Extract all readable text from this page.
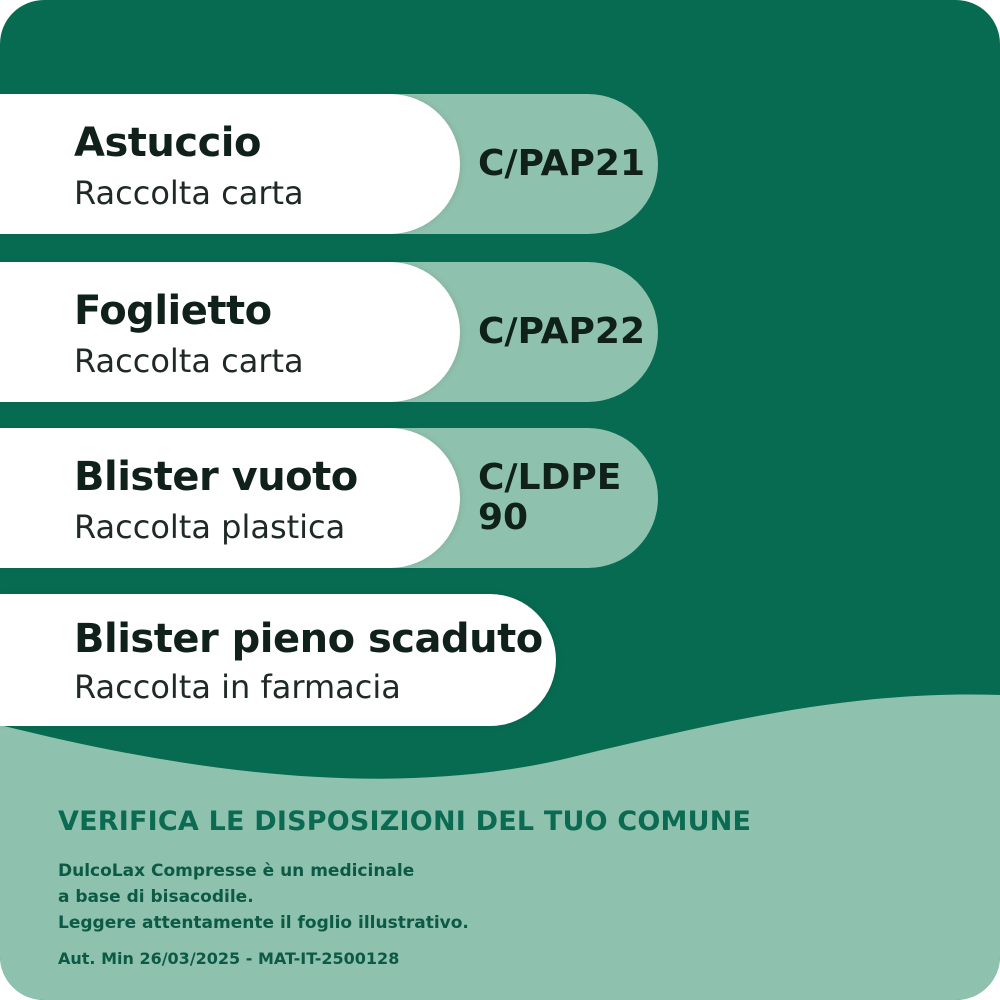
C/PAP21
Astuccio
Raccolta carta
C/PAP22
Foglietto
Raccolta carta
C/LDPE
90
Blister vuoto
Raccolta plastica
Blister pieno scaduto
Raccolta in farmacia
VERIFICA LE DISPOSIZIONI DEL TUO COMUNE
DulcoLax Compresse è un medicinale
a base di bisacodile.
Leggere attentamente il foglio illustrativo.
Aut. Min 26/03/2025 - MAT-IT-2500128
